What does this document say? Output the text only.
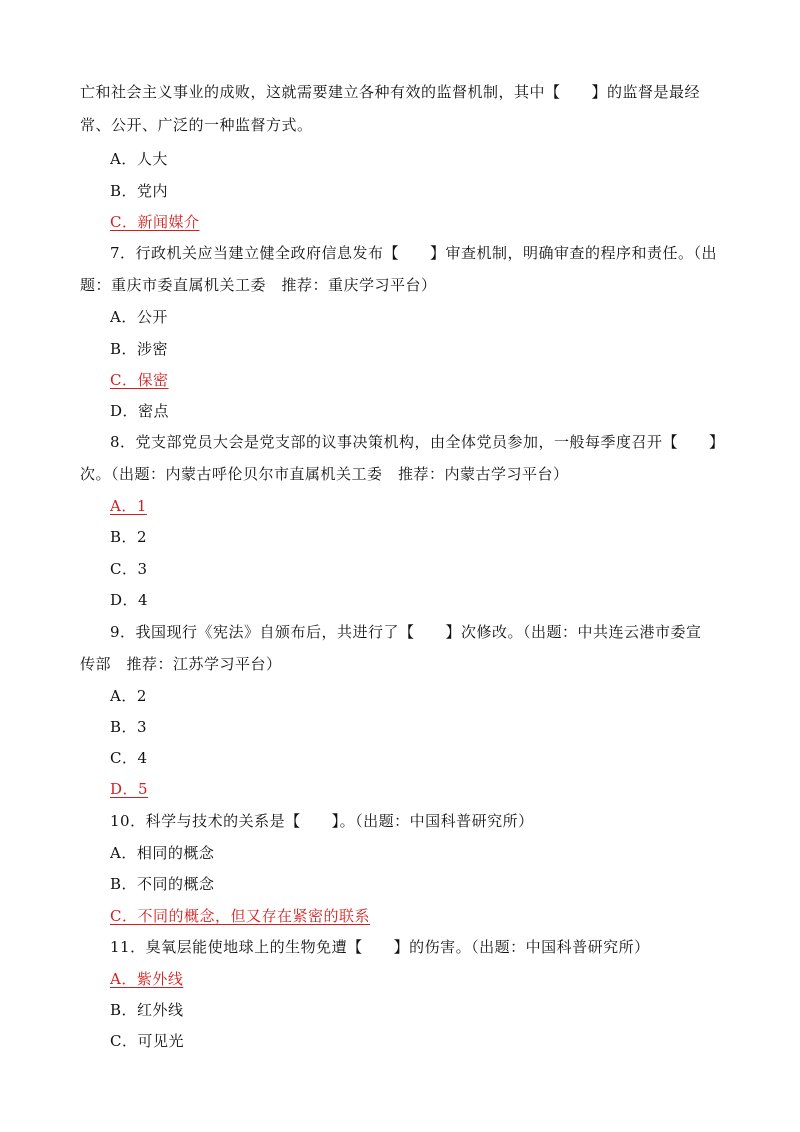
亡和社会主义事业的成败，这就需要建立各种有效的监督机制，其中【　　】的监督是最经
常、公开、广泛的一种监督方式。
A．人大
B．党内
C．新闻媒介
7．行政机关应当建立健全政府信息发布【　　】审查机制，明确审查的程序和责任。（出
题：重庆市委直属机关工委　推荐：重庆学习平台）
A．公开
B．涉密
C．保密
D．密点
8．党支部党员大会是党支部的议事决策机构，由全体党员参加，一般每季度召开【　　】
次。（出题：内蒙古呼伦贝尔市直属机关工委　推荐：内蒙古学习平台）
A．1
B．2
C．3
D．4
9．我国现行《宪法》自颁布后，共进行了【　　】次修改。（出题：中共连云港市委宣
传部　推荐：江苏学习平台）
A．2
B．3
C．4
D．5
10．科学与技术的关系是【　　】。（出题：中国科普研究所）
A．相同的概念
B．不同的概念
C．不同的概念，但又存在紧密的联系
11．臭氧层能使地球上的生物免遭【　　】的伤害。（出题：中国科普研究所）
A．紫外线
B．红外线
C．可见光
